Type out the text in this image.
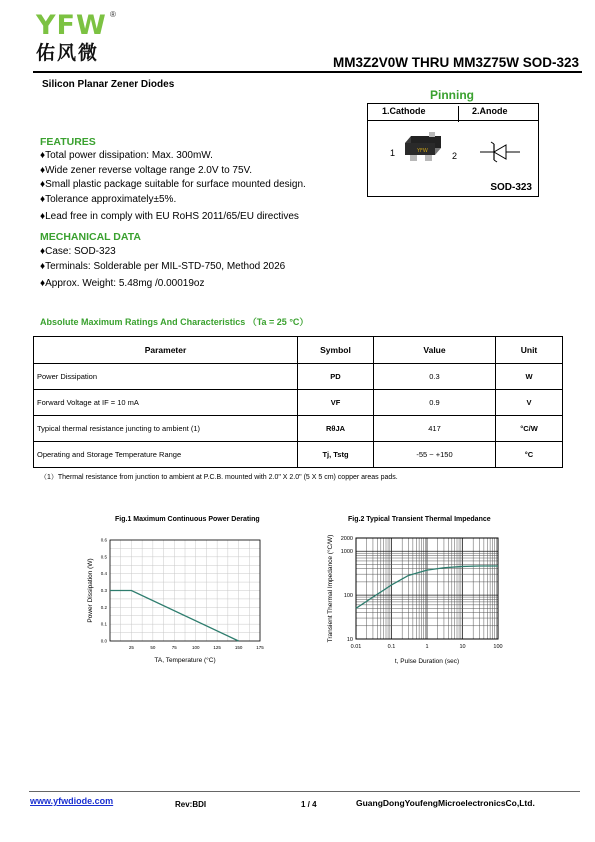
YFW ®
佑风微	MM3Z2V0W THRU MM3Z75W SOD-323
Silicon Planar Zener Diodes
Pinning
1.Cathode	2.Anode
1	2
YFW
SOD-323
FEATURES
♦Total power dissipation: Max. 300mW.
♦Wide zener reverse voltage range 2.0V to 75V.
♦Small plastic package suitable for surface mounted design.
♦Tolerance approximately±5%.
♦Lead free in comply with EU RoHS 2011/65/EU directives
MECHANICAL DATA
♦Case: SOD-323
♦Terminals: Solderable per MIL-STD-750, Method 2026
♦Approx. Weight: 5.48mg /0.00019oz
Absolute Maximum Ratings And Characteristics （Ta = 25 °C）
Parameter	Symbol	Value	Unit
Power Dissipation	PD	0.3	W
Forward Voltage at IF = 10 mA	VF	0.9	V
Typical thermal resistance juncting to ambient (1)	RθJA	417	°C/W
Operating and Storage Temperature Range	Tj, Tstg	-55 ~ +150	°C
（1）Thermal resistance from junction to ambient at P.C.B. mounted with 2.0" X 2.0" (5 X 5 cm) copper areas pads.
Fig.1 Maximum Continuous Power Derating
25	50	75	100	125	150	175
0.0
0.1
0.2
0.3
0.4
0.5
0.6
TA, Temperature (°C)
Power Dissipation (W)
Fig.2 Typical Transient Thermal Impedance
0.01	0.1	1	10	100
10
100
1000
2000
t, Pulse Duration (sec)
Transient Thermal Impedance (°C/W)
www.yfwdiode.com	Rev:BDI	1 / 4	GuangDongYoufengMicroelectronicsCo,Ltd.
